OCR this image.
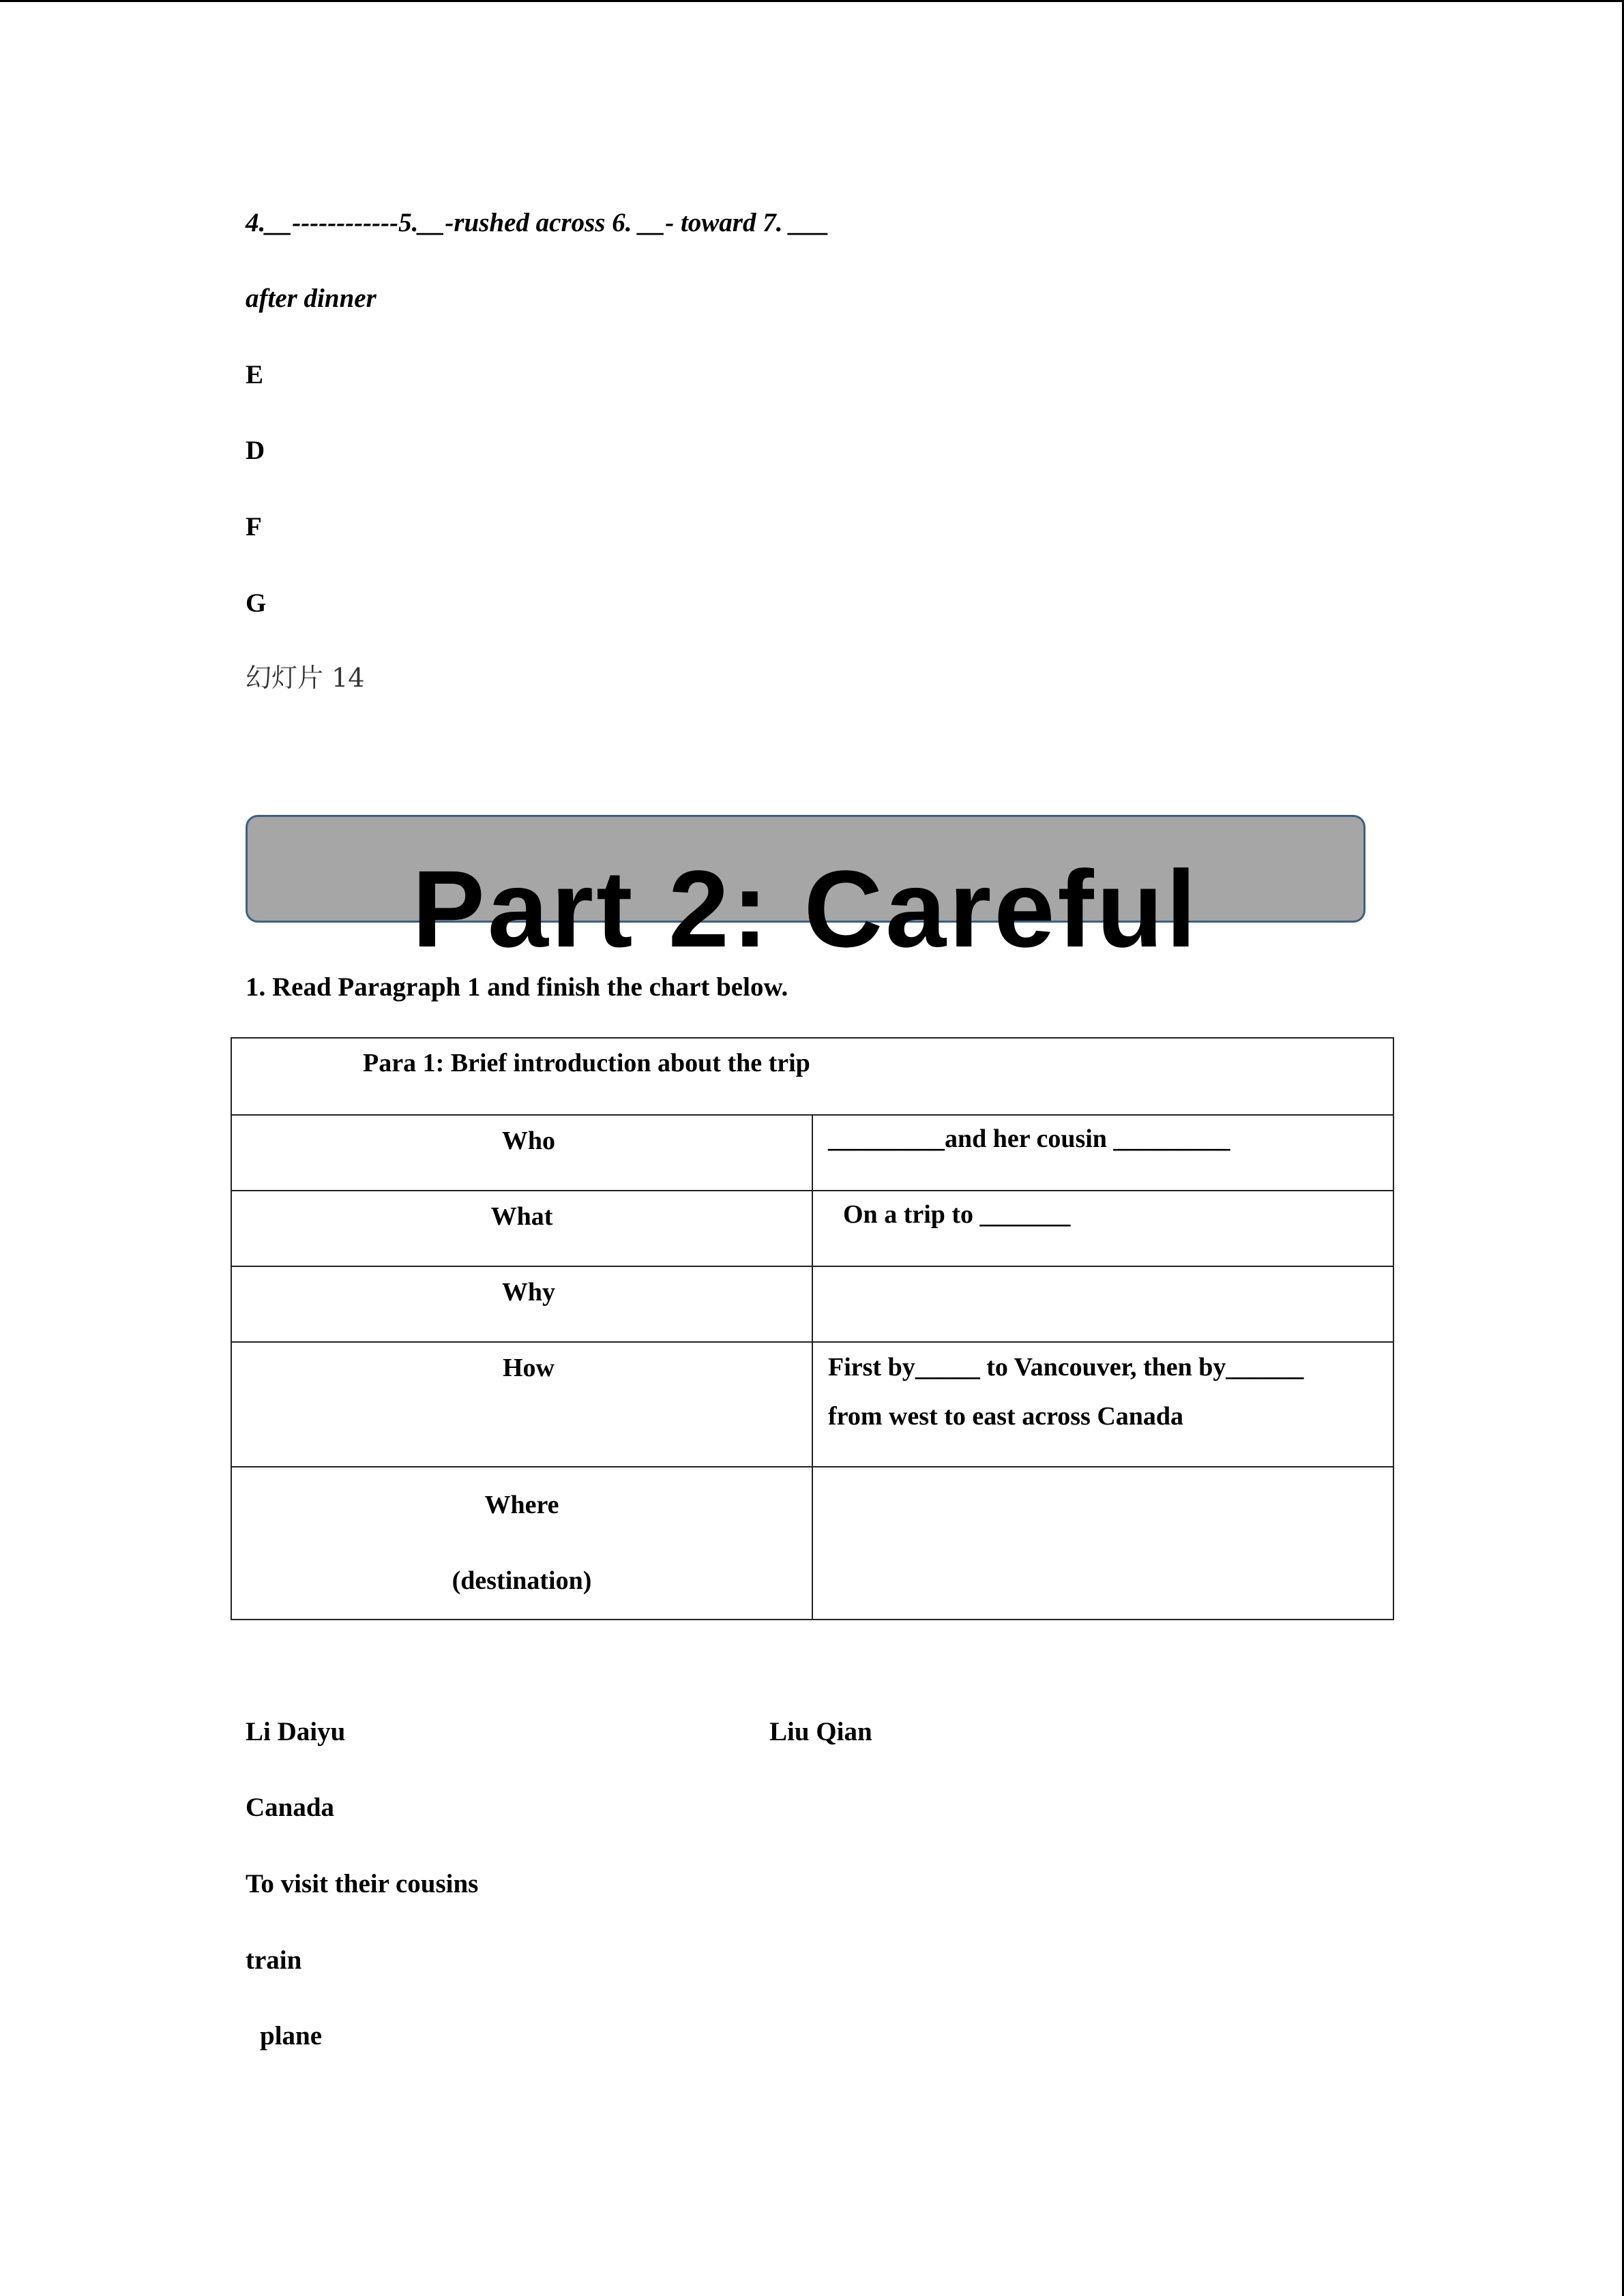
4.__------------5.__-rushed across 6. __- toward 7. ___
after dinner
E
D
F
G
幻灯片 14
Part 2: Careful
1. Read Paragraph 1 and finish the chart below.
Para 1: Brief introduction about the trip	

Who	_________and her cousin _________

What	On a trip to _______

Why	

How	First by_____ to Vancouver, then by______
from west to east across Canada

Where
(destination)	

Li Daiyu	Liu Qian
Canada
To visit their cousins
train
plane
